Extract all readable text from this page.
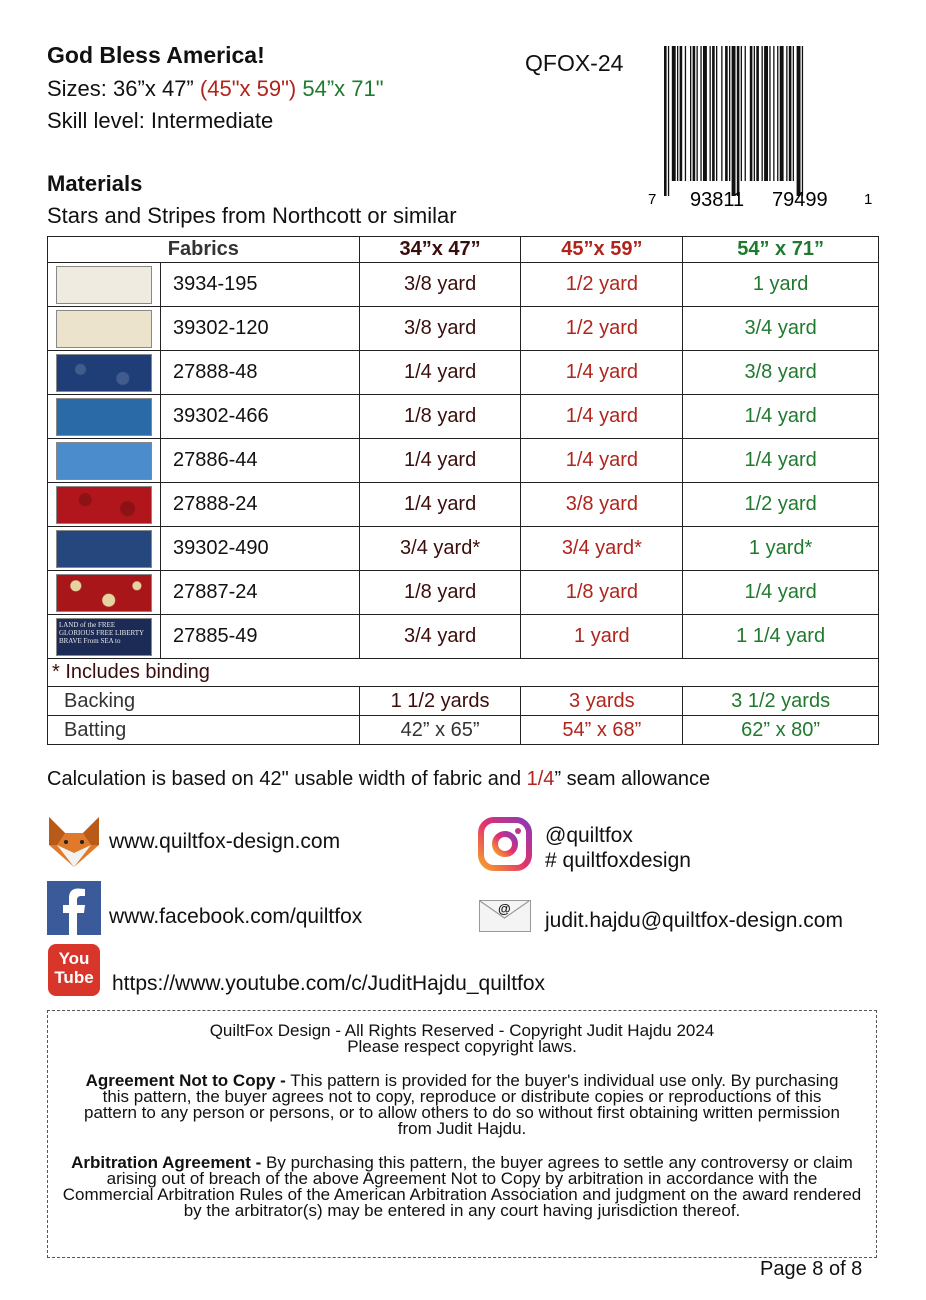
God Bless America!
Sizes: 36”x 47” (45"x 59") 54”x 71"
Skill level: Intermediate
QFOX-24
7 93811 79499 1
Materials
Stars and Stripes from Northcott or similar
Fabrics		34”x 47”	45”x 59”	54” x 71”

	3934-195	3/8 yard	1/2 yard	1 yard

	39302-120	3/8 yard	1/2 yard	3/4 yard

	27888-48	1/4 yard	1/4 yard	3/8 yard

	39302-466	1/8 yard	1/4 yard	1/4 yard

	27886-44	1/4 yard	1/4 yard	1/4 yard

	27888-24	1/4 yard	3/8 yard	1/2 yard

	39302-490	3/4 yard*	3/4 yard*	1 yard*

	27887-24	1/8 yard	1/8 yard	1/4 yard

LAND of the FREE GLORIOUS FREE LIBERTY BRAVE From SEA to	27885-49	3/4 yard	1 yard	1 1/4 yard
* Includes binding				
Backing		1 1/2 yards	3 yards	3 1/2 yards
Batting		42” x 65”	54” x 68”	62” x 80”
Calculation is based on 42" usable width of fabric and 1/4” seam allowance
www.quiltfox-design.com
www.facebook.com/quiltfox
You
Tube https://www.youtube.com/c/JuditHajdu_quiltfox
@quiltfox
# quiltfoxdesign
@
judit.hajdu@quiltfox-design.com

QuiltFox Design - All Rights Reserved - Copyright Judit Hajdu 2024

Please respect copyright laws.

Agreement Not to Copy - This pattern is provided for the buyer's individual use only. By purchasing this pattern, the buyer agrees not to copy, reproduce or distribute copies or reproductions of this pattern to any person or persons, or to allow others to do so without first obtaining written permission from Judit Hajdu.

Arbitration Agreement - By purchasing this pattern, the buyer agrees to settle any controversy or claim arising out of breach of the above Agreement Not to Copy by arbitration in accordance with the Commercial Arbitration Rules of the American Arbitration Association and judgment on the award rendered by the arbitrator(s) may be entered in any court having jurisdiction thereof.

Page 8 of 8
